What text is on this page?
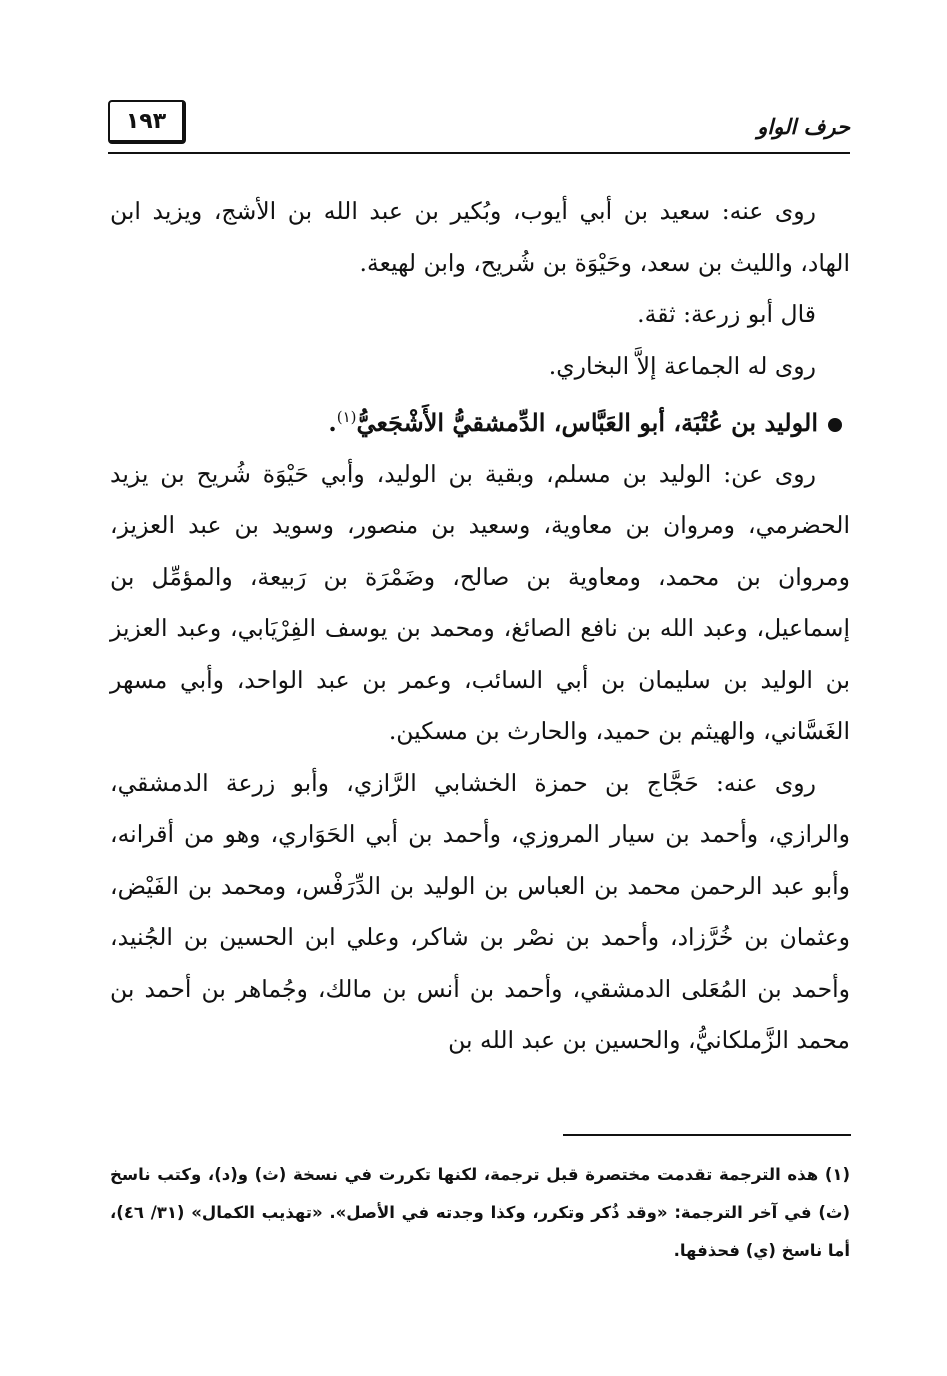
١٩٣	حرف الواو

روى عنه: سعيد بن أبي أيوب، وبُكير بن عبد الله بن الأشج، ويزيد ابن الهاد، والليث بن سعد، وحَيْوَة بن شُريح، وابن لهيعة.

قال أبو زرعة: ثقة.

روى له الجماعة إلاَّ البخاري.

الوليد بن عُتْبَة، أبو العَبَّاس، الدِّمشقيُّ الأَشْجَعيُّ$^{(١)}$.

روى عن: الوليد بن مسلم، وبقية بن الوليد، وأبي حَيْوَة شُريح بن يزيد الحضرمي، ومروان بن معاوية، وسعيد بن منصور، وسويد بن عبد العزيز، ومروان بن محمد، ومعاوية بن صالح، وضَمْرَة بن رَبيعة، والمؤمِّل بن إسماعيل، وعبد الله بن نافع الصائغ، ومحمد بن يوسف الفِرْيَابي، وعبد العزيز بن الوليد بن سليمان بن أبي السائب، وعمر بن عبد الواحد، وأبي مسهر الغَسَّاني، والهيثم بن حميد، والحارث بن مسكين.

روى عنه: حَجَّاج بن حمزة الخشابي الرَّازي، وأبو زرعة الدمشقي، والرازي، وأحمد بن سيار المروزي، وأحمد بن أبي الحَوَاري، وهو من أقرانه، وأبو عبد الرحمن محمد بن العباس بن الوليد بن الدِّرَفْس، ومحمد بن الفَيْض، وعثمان بن خُرَّزاد، وأحمد بن نصْر بن شاكر، وعلي ابن الحسين بن الجُنيد، وأحمد بن المُعَلى الدمشقي، وأحمد بن أنس بن مالك، وجُماهر بن أحمد بن محمد الزَّملكانيُّ، والحسين بن عبد الله بن

(١) هذه الترجمة تقدمت مختصرة قبل ترجمة، لكنها تكررت في نسخة (ث) و(د)، وكتب ناسخ (ث) في آخر الترجمة: «وقد ذُكر وتكرر، وكذا وجدته في الأصل». «تهذيب الكمال» (٣١/ ٤٦)، أما ناسخ (ي) فحذفها.
